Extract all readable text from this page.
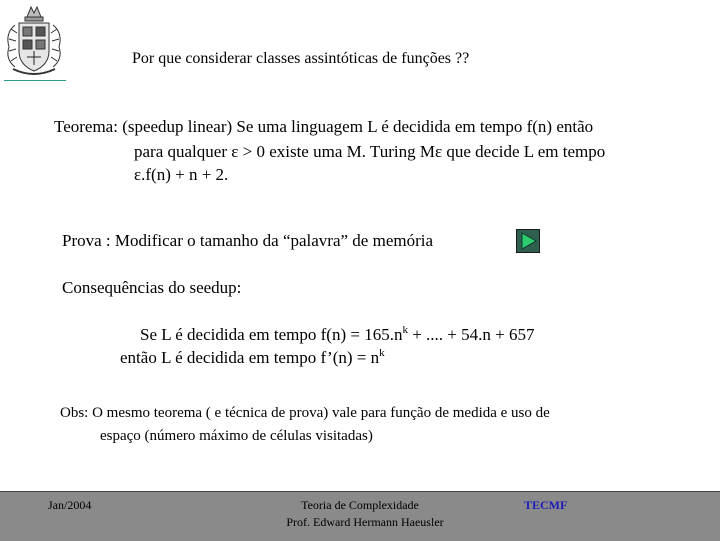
Por que considerar classes assintóticas de funções ??
Teorema: (speedup linear) Se uma linguagem L é decidida em tempo f(n) então
para qualquer ε > 0 existe uma M. Turing Mε que decide L em tempo
ε.f(n) + n + 2.
Prova : Modificar o tamanho da “palavra” de memória
Consequências do seedup:
Se L é decidida em tempo $f(n) = 165.n^k$ + .... + 54.n + 657
então L é decidida em tempo f’(n) = $n^k$
Obs: O mesmo teorema ( e técnica de prova) vale para função de medida e uso de
espaço (número máximo de células visitadas)
Jan/2004	Teoria de Complexidade
Prof. Edward Hermann Haeusler
TECMF
